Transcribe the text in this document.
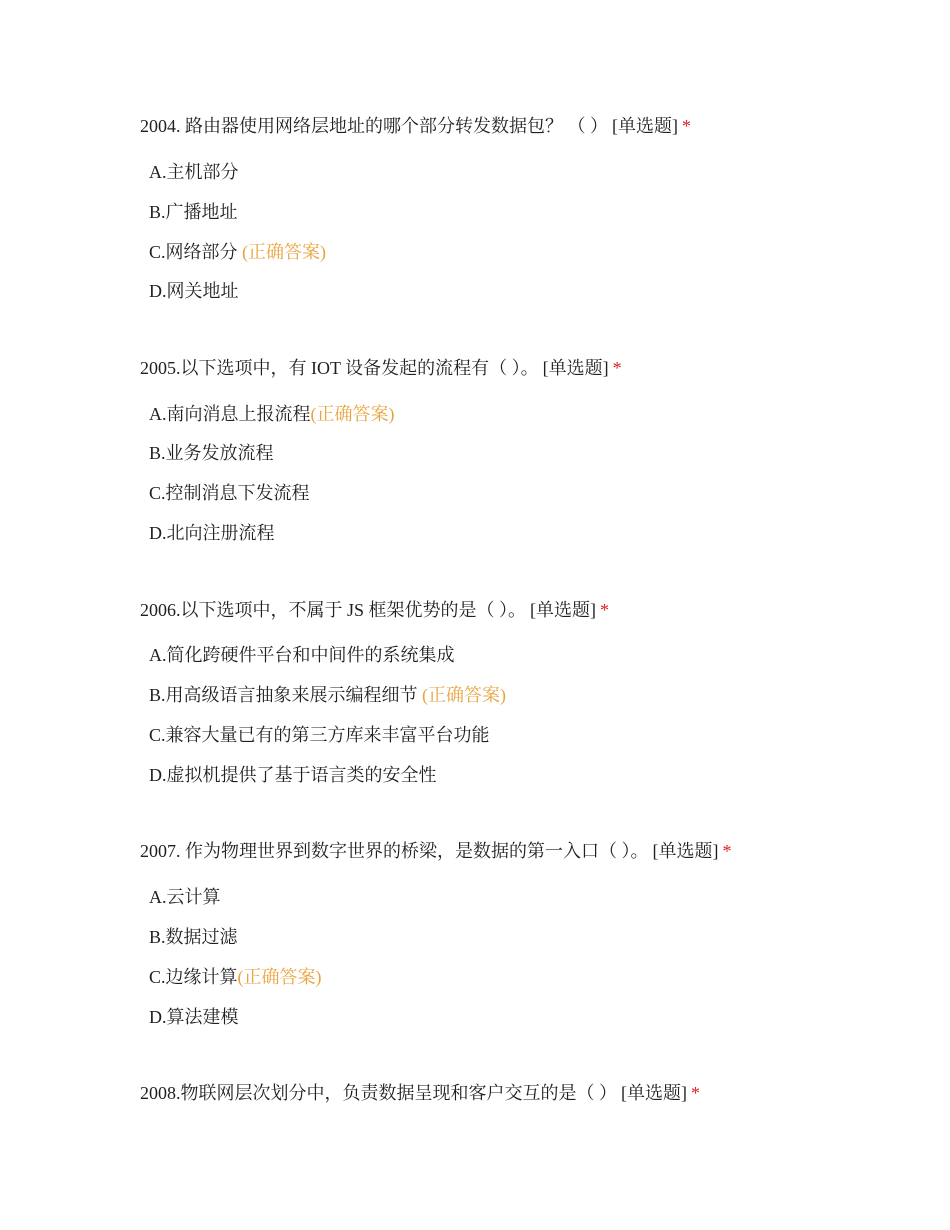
2004. 路由器使用网络层地址的哪个部分转发数据包？ （ ） [单选题] *
A.主机部分
B.广播地址
C.网络部分 (正确答案)
D.网关地址
2005.以下选项中，有 IOT 设备发起的流程有（ ）。 [单选题] *
A.南向消息上报流程(正确答案)
B.业务发放流程
C.控制消息下发流程
D.北向注册流程
2006.以下选项中，不属于 JS 框架优势的是（ ）。 [单选题] *
A.简化跨硬件平台和中间件的系统集成
B.用高级语言抽象来展示编程细节 (正确答案)
C.兼容大量已有的第三方库来丰富平台功能
D.虚拟机提供了基于语言类的安全性
2007. 作为物理世界到数字世界的桥梁，是数据的第一入口（ ）。 [单选题] *
A.云计算
B.数据过滤
C.边缘计算(正确答案)
D.算法建模
2008.物联网层次划分中，负责数据呈现和客户交互的是（ ） [单选题] *
